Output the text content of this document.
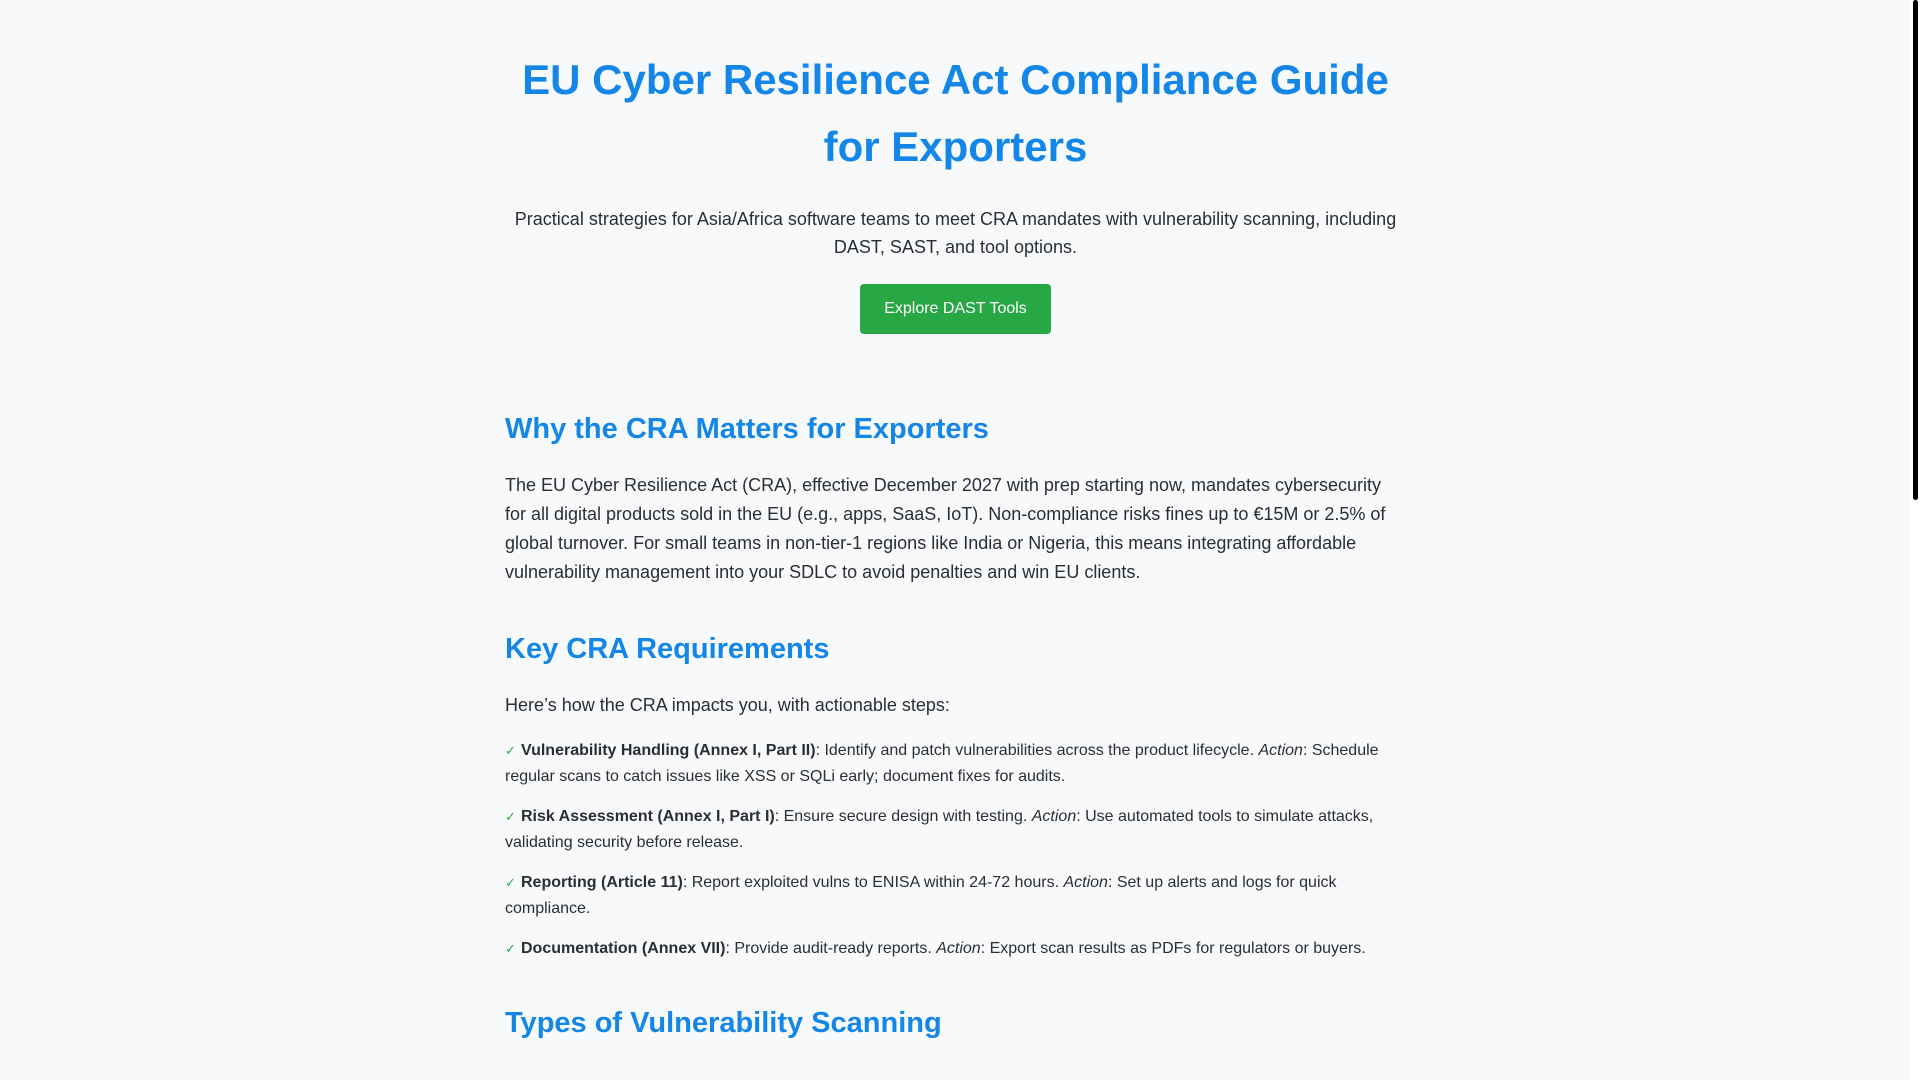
EU Cyber Resilience Act Compliance Guide for Exporters

Practical strategies for Asia/Africa software teams to meet CRA mandates with vulnerability scanning, including DAST, SAST, and tool options.

Explore DAST Tools
Why the CRA Matters for Exporters

The EU Cyber Resilience Act (CRA), effective December 2027 with prep starting now, mandates cybersecurity for all digital products sold in the EU (e.g., apps, SaaS, IoT). Non-compliance risks fines up to €15M or 2.5% of global turnover. For small teams in non-tier-1 regions like India or Nigeria, this means integrating affordable vulnerability management into your SDLC to avoid penalties and win EU clients.

Key CRA Requirements

Here’s how the CRA impacts you, with actionable steps:

✓ Vulnerability Handling (Annex I, Part II): Identify and patch vulnerabilities across the product lifecycle. Action: Schedule regular scans to catch issues like XSS or SQLi early; document fixes for audits.
✓ Risk Assessment (Annex I, Part I): Ensure secure design with testing. Action: Use automated tools to simulate attacks, validating security before release.
✓ Reporting (Article 11): Report exploited vulns to ENISA within 24-72 hours. Action: Set up alerts and logs for quick compliance.
✓ Documentation (Annex VII): Provide audit-ready reports. Action: Export scan results as PDFs for regulators or buyers.
Types of Vulnerability Scanning
